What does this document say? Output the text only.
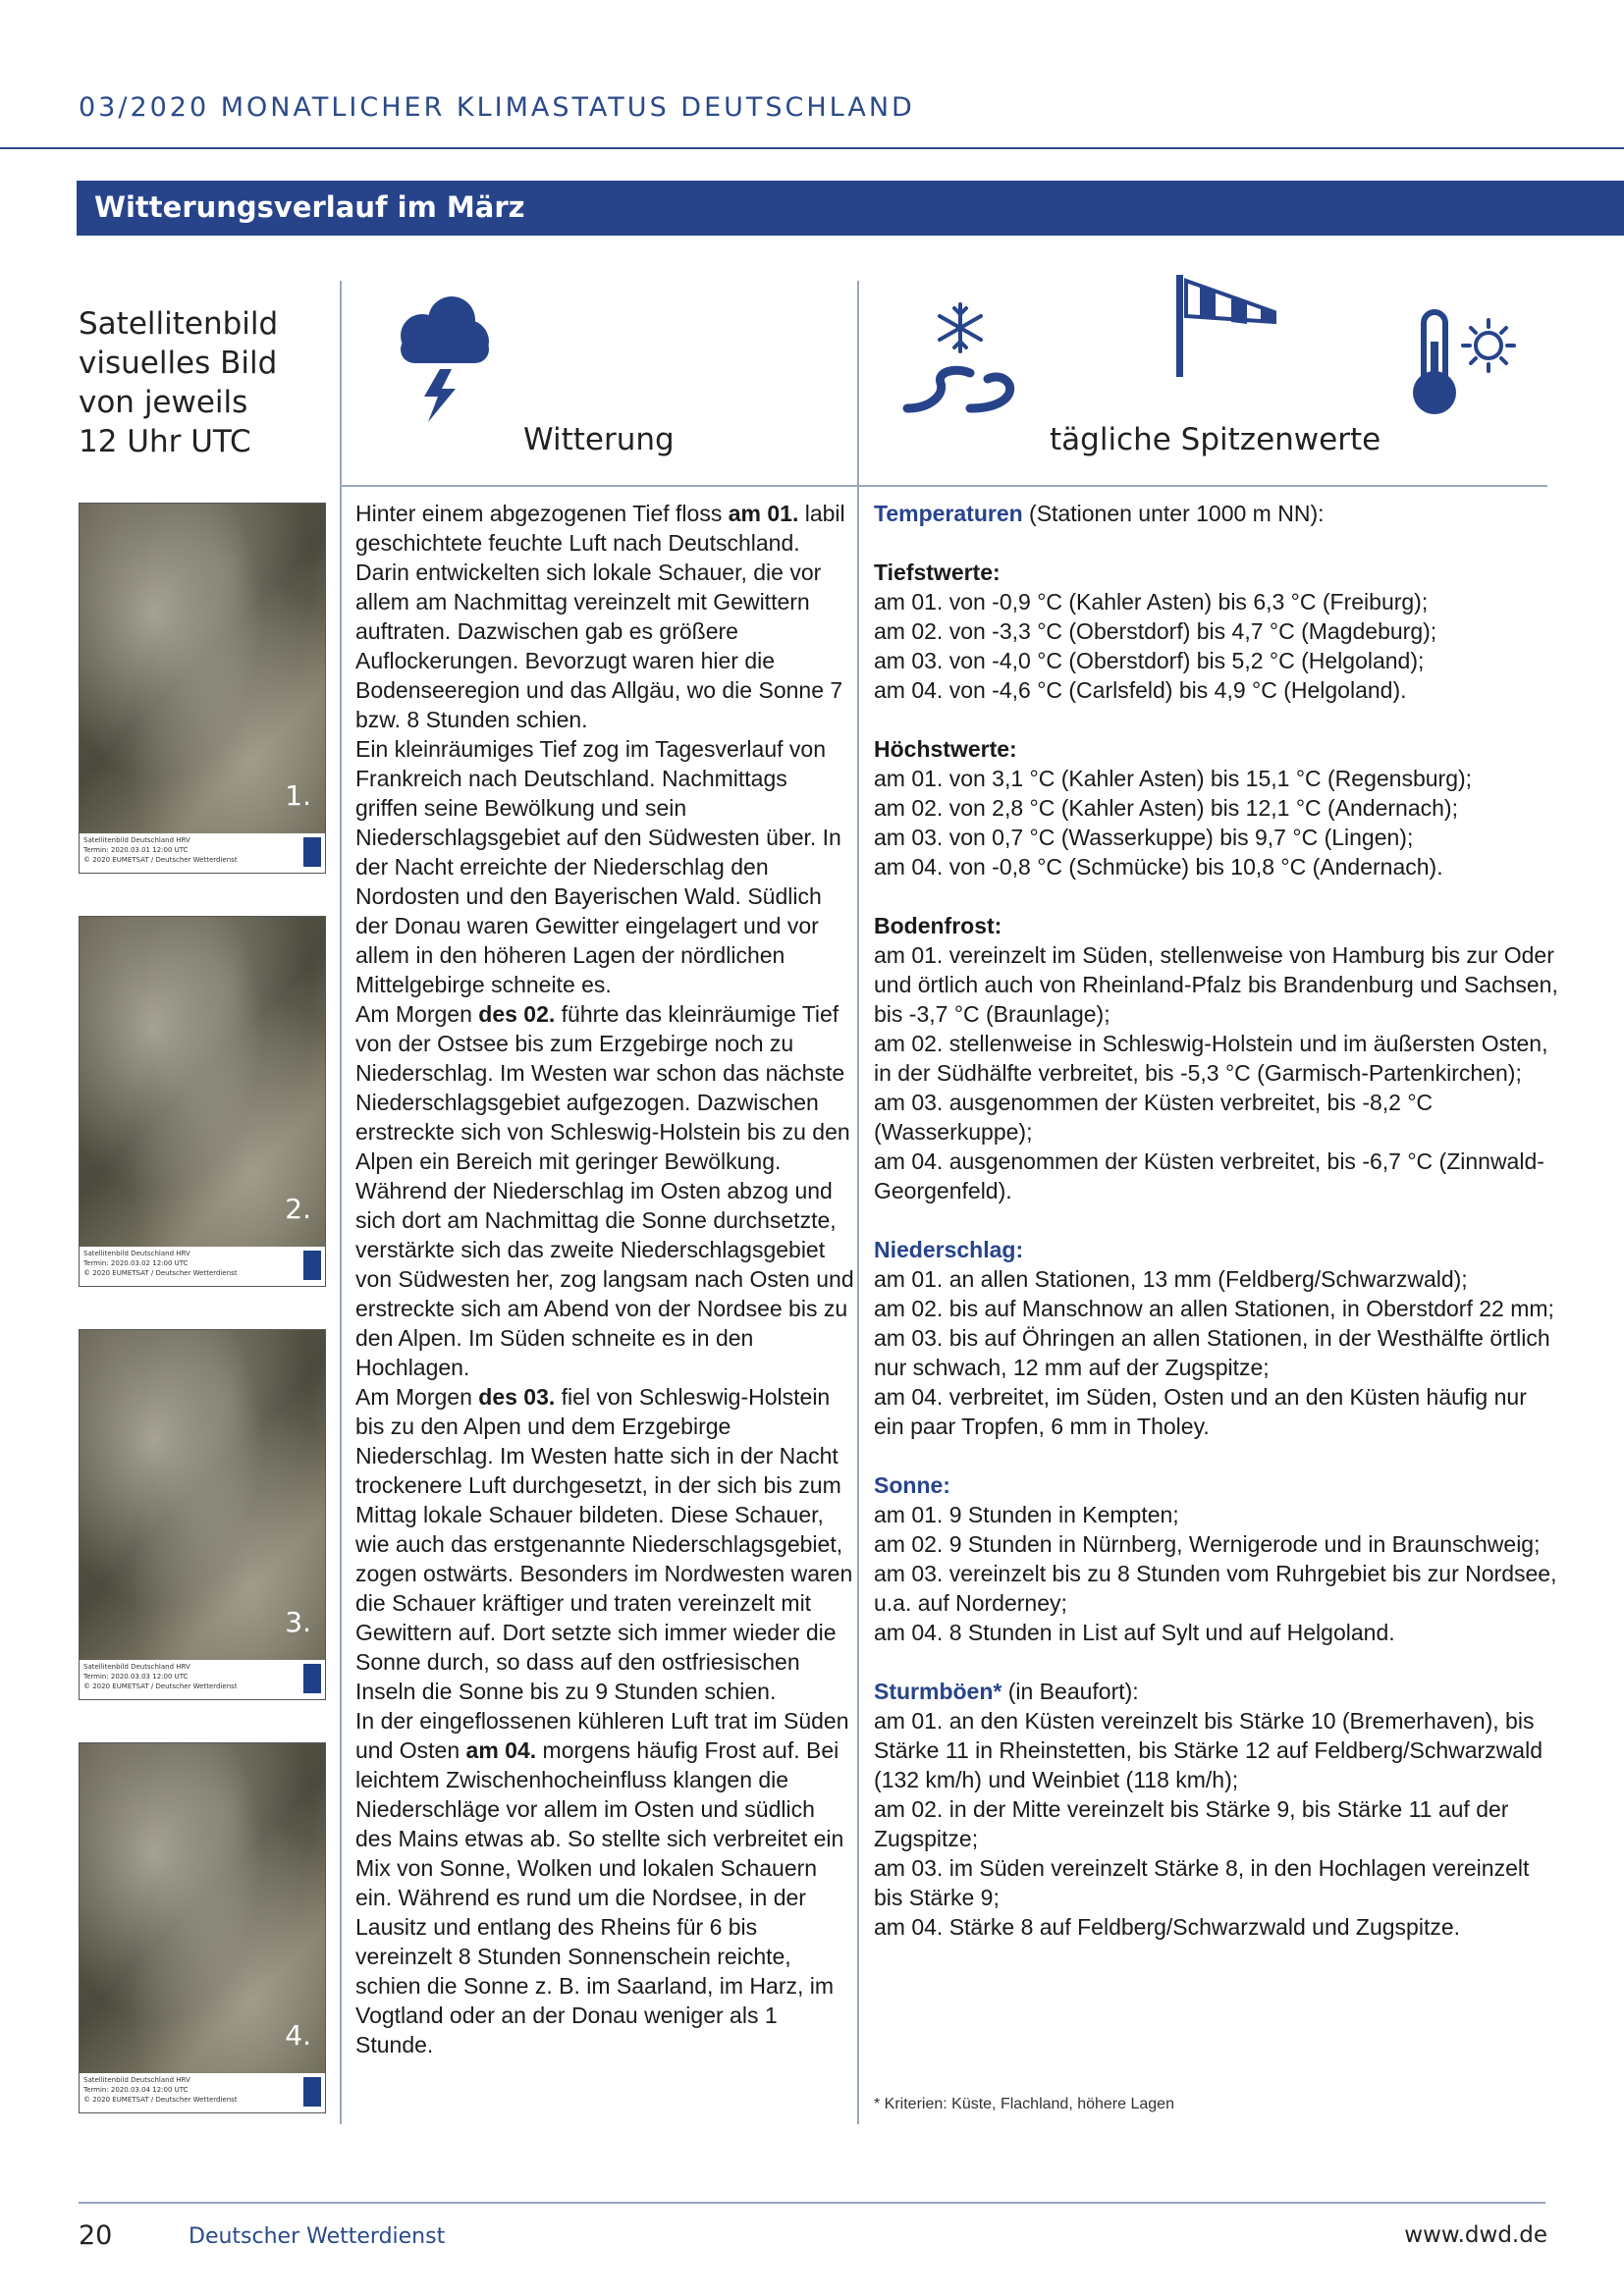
03/2020 MONATLICHER KLIMASTATUS DEUTSCHLAND
Witterungsverlauf im März
Satellitenbild
visuelles Bild
von jeweils
12 Uhr UTC	Witterung	tägliche Spitzenwerte
1.
Satellitenbild Deutschland HRV
Termin: 2020.03.01 12:00 UTC
© 2020 EUMETSAT / Deutscher Wetterdienst
2.
Satellitenbild Deutschland HRV
Termin: 2020.03.02 12:00 UTC
© 2020 EUMETSAT / Deutscher Wetterdienst
3.
Satellitenbild Deutschland HRV
Termin: 2020.03.03 12:00 UTC
© 2020 EUMETSAT / Deutscher Wetterdienst
4.
Satellitenbild Deutschland HRV
Termin: 2020.03.04 12:00 UTC
© 2020 EUMETSAT / Deutscher Wetterdienst

Hinter einem abgezogenen Tief floss am 01. labil geschichtete feuchte Luft nach Deutschland. Darin entwickelten sich lokale Schauer, die vor allem am Nachmittag vereinzelt mit Gewittern auftraten. Dazwischen gab es größere Auflockerungen. Bevorzugt waren hier die Bodenseeregion und das Allgäu, wo die Sonne 7 bzw. 8 Stunden schien.

Ein kleinräumiges Tief zog im Tagesverlauf von Frankreich nach Deutschland. Nachmittags griffen seine Bewölkung und sein Niederschlagsgebiet auf den Südwesten über. In der Nacht erreichte der Niederschlag den Nordosten und den Bayerischen Wald. Südlich der Donau waren Gewitter eingelagert und vor allem in den höheren Lagen der nördlichen Mittelgebirge schneite es.

Am Morgen des 02. führte das kleinräumige Tief von der Ostsee bis zum Erzgebirge noch zu Niederschlag. Im Westen war schon das nächste Niederschlagsgebiet aufgezogen. Dazwischen erstreckte sich von Schleswig-Holstein bis zu den Alpen ein Bereich mit geringer Bewölkung. Während der Niederschlag im Osten abzog und sich dort am Nachmittag die Sonne durchsetzte, verstärkte sich das zweite Niederschlagsgebiet von Südwesten her, zog langsam nach Osten und erstreckte sich am Abend von der Nordsee bis zu den Alpen. Im Süden schneite es in den Hochlagen.

Am Morgen des 03. fiel von Schleswig-Holstein bis zu den Alpen und dem Erzgebirge Niederschlag. Im Westen hatte sich in der Nacht trockenere Luft durchgesetzt, in der sich bis zum Mittag lokale Schauer bildeten. Diese Schauer, wie auch das erstgenannte Niederschlagsgebiet, zogen ostwärts. Besonders im Nordwesten waren die Schauer kräftiger und traten vereinzelt mit Gewittern auf. Dort setzte sich immer wieder die Sonne durch, so dass auf den ostfriesischen Inseln die Sonne bis zu 9 Stunden schien.

In der eingeflossenen kühleren Luft trat im Süden und Osten am 04. morgens häufig Frost auf. Bei leichtem Zwischenhocheinfluss klangen die Niederschläge vor allem im Osten und südlich des Mains etwas ab. So stellte sich verbreitet ein Mix von Sonne, Wolken und lokalen Schauern ein. Während es rund um die Nordsee, in der Lausitz und entlang des Rheins für 6 bis vereinzelt 8 Stunden Sonnenschein reichte, schien die Sonne z. B. im Saarland, im Harz, im Vogtland oder an der Donau weniger als 1 Stunde.

Temperaturen (Stationen unter 1000 m NN):

Tiefstwerte:

am 01. von -0,9 °C (Kahler Asten) bis 6,3 °C (Freiburg);

am 02. von -3,3 °C (Oberstdorf) bis 4,7 °C (Magdeburg);

am 03. von -4,0 °C (Oberstdorf) bis 5,2 °C (Helgoland);

am 04. von -4,6 °C (Carlsfeld) bis 4,9 °C (Helgoland).

Höchstwerte:

am 01. von 3,1 °C (Kahler Asten) bis 15,1 °C (Regensburg);

am 02. von 2,8 °C (Kahler Asten) bis 12,1 °C (Andernach);

am 03. von 0,7 °C (Wasserkuppe) bis 9,7 °C (Lingen);

am 04. von -0,8 °C (Schmücke) bis 10,8 °C (Andernach).

Bodenfrost:

am 01. vereinzelt im Süden, stellenweise von Hamburg bis zur Oder und örtlich auch von Rheinland-Pfalz bis Brandenburg und Sachsen, bis -3,7 °C (Braunlage);

am 02. stellenweise in Schleswig-Holstein und im äußersten Osten, in der Südhälfte verbreitet, bis -5,3 °C (Garmisch-Partenkirchen);

am 03. ausgenommen der Küsten verbreitet, bis -8,2 °C (Wasserkuppe);

am 04. ausgenommen der Küsten verbreitet, bis -6,7 °C (Zinnwald-Georgenfeld).

Niederschlag:

am 01. an allen Stationen, 13 mm (Feldberg/Schwarzwald);

am 02. bis auf Manschnow an allen Stationen, in Oberstdorf 22 mm;

am 03. bis auf Öhringen an allen Stationen, in der Westhälfte örtlich nur schwach, 12 mm auf der Zugspitze;

am 04. verbreitet, im Süden, Osten und an den Küsten häufig nur ein paar Tropfen, 6 mm in Tholey.

Sonne:

am 01. 9 Stunden in Kempten;

am 02. 9 Stunden in Nürnberg, Wernigerode und in Braunschweig;

am 03. vereinzelt bis zu 8 Stunden vom Ruhrgebiet bis zur Nordsee, u.a. auf Norderney;

am 04. 8 Stunden in List auf Sylt und auf Helgoland.

Sturmböen* (in Beaufort):

am 01. an den Küsten vereinzelt bis Stärke 10 (Bremerhaven), bis Stärke 11 in Rheinstetten, bis Stärke 12 auf Feldberg/Schwarzwald (132 km/h) und Weinbiet (118 km/h);

am 02. in der Mitte vereinzelt bis Stärke 9, bis Stärke 11 auf der Zugspitze;

am 03. im Süden vereinzelt Stärke 8, in den Hochlagen vereinzelt bis Stärke 9;

am 04. Stärke 8 auf Feldberg/Schwarzwald und Zugspitze.

* Kriterien: Küste, Flachland, höhere Lagen
20	Deutscher Wetterdienst	www.dwd.de
